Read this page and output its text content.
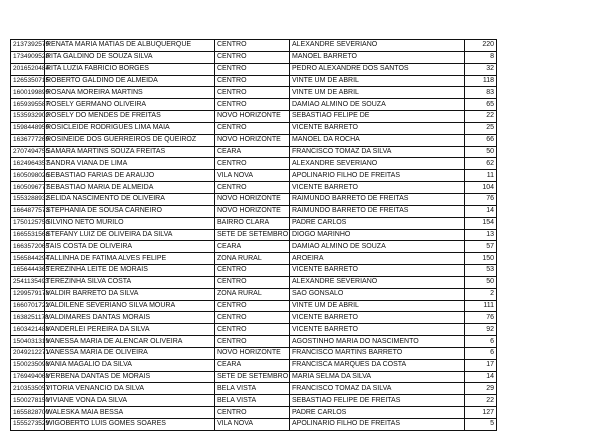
2137392579	RENATA MARIA MATIAS DE ALBUQUERQUE	CENTRO	ALEXANDRE SEVERIANO	220
1734909528	RITA GALDINO DE SOUZA SILVA	CENTRO	MANOEL BARRETO	8
2016520484	RITA LUZIA FABRICIO BORGES	CENTRO	PEDRO ALEXANDRE DOS SANTOS	32
1265350715	ROBERTO GALDINO DE ALMEIDA	CENTRO	VINTE UM DE ABRIL	118
1600199899	ROSANA MOREIRA MARTINS	CENTRO	VINTE UM DE ABRIL	83
1659395587	ROSELY GERMANO OLIVEIRA	CENTRO	DAMIAO ALMINO DE SOUZA	65
1535932902	ROSELY DO MENDES DE FREITAS	NOVO HORIZONTE	SEBASTIAO FELIPE DE	22
1598448959	ROSICLEIDE RODRIGUES LIMA MAIA	CENTRO	VICENTE BARRETO	25
1636777269	ROSINEIDE DOS GUERREIROS DE QUEIROZ	NOVO HORIZONTE	MANOEL DA ROCHA	66
2707494755	SAMARA MARTINS SOUZA FREITAS	CEARA	FRANCISCO TOMAZ DA SILVA	50
1624964357	SANDRA VIANA DE LIMA	CENTRO	ALEXANDRE SEVERIANO	62
1605098026	SEBASTIAO FARIAS DE ARAUJO	VILA NOVA	APOLINARIO FILHO DE FREITAS	11
1605096777	SEBASTIAO MARIA DE ALMEIDA	CENTRO	VICENTE BARRETO	104
1553288932	SELIDA NASCIMENTO DE OLIVEIRA	NOVO HORIZONTE	RAIMUNDO BARRETO DE FREITAS	76
1664877573	STEPHANIA DE SOUSA CARNEIRO	NOVO HORIZONTE	RAIMUNDO BARRETO DE FREITAS	14
1750125750	SILVINO NETO MURILO	BAIRRO CLARA	PADRE CARLOS	154
1665531568	STEFANY LUIZ DE OLIVEIRA DA SILVA	SETE DE SETEMBRO	DIOGO MARINHO	13
1663572065	TAIS COSTA DE OLIVEIRA	CEARA	DAMIAO ALMINO DE SOUZA	57
1565844294	TALLINHA DE FATIMA ALVES FELIPE	ZONA RURAL	AROEIRA	150
1656444365	TEREZINHA LEITE DE MORAIS	CENTRO	VICENTE BARRETO	53
2541135493	TEREZINHA SILVA COSTA	CENTRO	ALEXANDRE SEVERIANO	50
1299579178	VALDIR BARRETO DA SILVA	ZONA RURAL	SAO GONSALO	2
1660701722	VALDILENE SEVERIANO SILVA MOURA	CENTRO	VINTE UM DE ABRIL	111
1638251178	VALDIMARES DANTAS MORAIS	CENTRO	VICENTE BARRETO	76
1603421488	VANDERLEI PEREIRA DA SILVA	CENTRO	VICENTE BARRETO	92
1504031319	VANESSA MARIA DE ALENCAR OLIVEIRA	CENTRO	AGOSTINHO MARIA DO NASCIMENTO	6
2049212271	VANESSA MARIA DE OLIVEIRA	NOVO HORIZONTE	FRANCISCO MARTINS BARRETO	6
1500235098	VANIA MAGALIO DA SILVA	CEARA	FRANCISCA MARQUES DA COSTA	17
1769494068	VERBENA DANTAS DE MORAIS	SETE DE SETEMBRO	MARIA SELMA DA SILVA	14
2103535057	VITORIA VENANCIO DA SILVA	BELA VISTA	FRANCISCO TOMAZ DA SILVA	29
1500278150	VIVIANE VONA DA SILVA	BELA VISTA	SEBASTIAO FELIPE DE FREITAS	22
1655828700	WALESKA MAIA BESSA	CENTRO	PADRE CARLOS	127
1555273529	WIGOBERTO LUIS GOMES SOARES	VILA NOVA	APOLINARIO FILHO DE FREITAS	5
